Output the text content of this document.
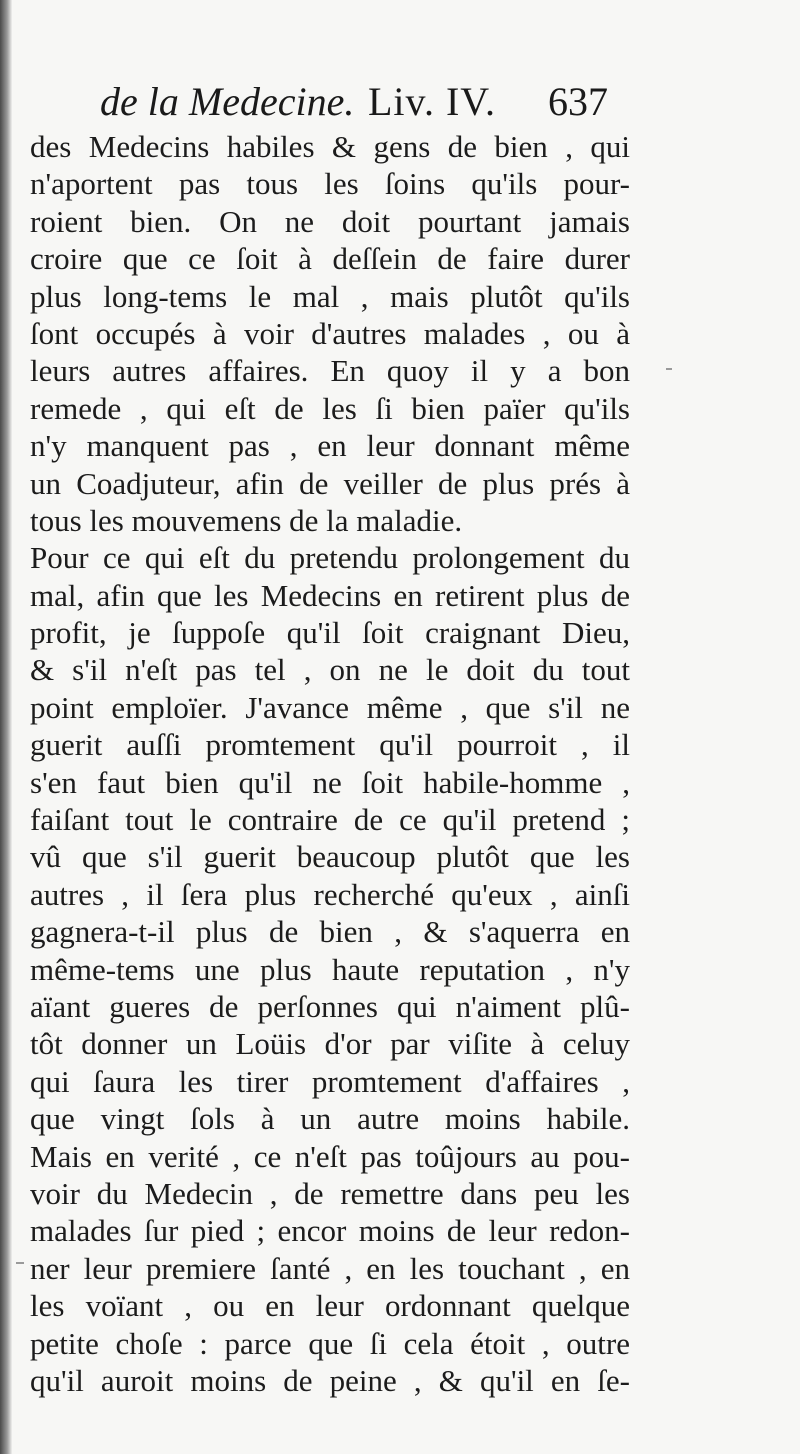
de la Medecine. Liv. IV. 637
des Medecins habiles & gens de bien , qui
n'aportent pas tous les ſoins qu'ils pour-
roient bien. On ne doit pourtant jamais
croire que ce ſoit à deſſein de faire durer
plus long-tems le mal , mais plutôt qu'ils
ſont occupés à voir d'autres malades , ou à
leurs autres affaires. En quoy il y a bon
remede , qui eſt de les ſi bien païer qu'ils
n'y manquent pas , en leur donnant même
un Coadjuteur, afin de veiller de plus prés à
tous les mouvemens de la maladie.
Pour ce qui eſt du pretendu prolongement du
mal, afin que les Medecins en retirent plus de
profit, je ſuppoſe qu'il ſoit craignant Dieu,
& s'il n'eſt pas tel , on ne le doit du tout
point emploïer. J'avance même , que s'il ne
guerit auſſi promtement qu'il pourroit , il
s'en faut bien qu'il ne ſoit habile-homme ,
faiſant tout le contraire de ce qu'il pretend ;
vû que s'il guerit beaucoup plutôt que les
autres , il ſera plus recherché qu'eux , ainſi
gagnera-t-il plus de bien , & s'aquerra en
même-tems une plus haute reputation , n'y
aïant gueres de perſonnes qui n'aiment plû-
tôt donner un Loüis d'or par viſite à celuy
qui ſaura les tirer promtement d'affaires ,
que vingt ſols à un autre moins habile.
Mais en verité , ce n'eſt pas toûjours au pou-
voir du Medecin , de remettre dans peu les
malades ſur pied ; encor moins de leur redon-
ner leur premiere ſanté , en les touchant , en
les voïant , ou en leur ordonnant quelque
petite choſe : parce que ſi cela étoit , outre
qu'il auroit moins de peine , & qu'il en ſe-
